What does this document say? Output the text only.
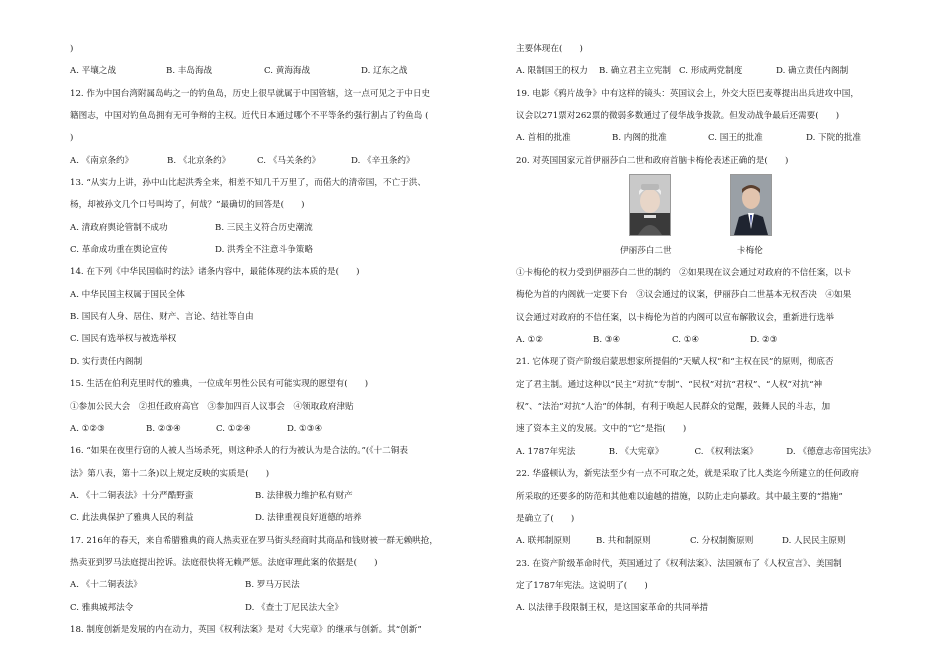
)
A. 平壤之战	B. 丰岛海战	C. 黄海海战	D. 辽东之战
12. 作为中国台湾附属岛屿之一的钓鱼岛，历史上很早就属于中国管辖，这一点可见之于中日史
籍图志，中国对钓鱼岛拥有无可争辩的主权。近代日本通过哪个不平等条约强行割占了钓鱼岛 (
)
A. 《南京条约》	B. 《北京条约》	C. 《马关条约》	D. 《辛丑条约》
13. “从实力上讲，孙中山比起洪秀全来，相差不知几千万里了，而偌大的清帝国，不亡于洪、
杨，却被孙文几个口号叫垮了，何哉？”最确切的回答是(　　)
A. 清政府舆论管制不成功	B. 三民主义符合历史潮流
C. 革命成功重在舆论宣传	D. 洪秀全不注意斗争策略
14. 在下列《中华民国临时约法》诸条内容中，最能体现约法本质的是(　　)
A. 中华民国主权属于国民全体
B. 国民有人身、居住、财产、言论、结社等自由
C. 国民有选举权与被选举权
D. 实行责任内阁制
15. 生活在伯利克里时代的雅典，一位成年男性公民有可能实现的愿望有(　　)
①参加公民大会　②担任政府高官　③参加四百人议事会　④领取政府津贴
A. ①②③	B. ②③④	C. ①②④	D. ①③④
16. “如果在夜里行窃的人被人当场杀死，则这种杀人的行为被认为是合法的。”(《十二铜表
法》第八表，第十二条)以上规定反映的实质是(　　)
A. 《十二铜表法》十分严酷野蛮	B. 法律极力维护私有财产
C. 此法典保护了雅典人民的利益	D. 法律重视良好道德的培养
17. 216年的春天，来自希腊雅典的商人热卖亚在罗马街头经商时其商品和钱财被一群无赖哄抢，
热卖亚到罗马法庭提出控诉。法庭很快将无赖严惩。法庭审理此案的依据是(　　)
A. 《十二铜表法》	B. 罗马万民法
C. 雅典城邦法令	D. 《查士丁尼民法大全》
18. 制度创新是发展的内在动力，英国《权利法案》是对《大宪章》的继承与创新。其“创新”
主要体现在(　　)
A. 限制国王的权力	B. 确立君主立宪制 C. 形成两党制度	D. 确立责任内阁制
19. 电影《鸦片战争》中有这样的镜头：英国议会上，外交大臣巴麦尊提出出兵进攻中国，
议会以271票对262票的微弱多数通过了侵华战争拨款。但发动战争最后还需要(　　)
A. 首相的批准	B. 内阁的批准	C. 国王的批准	D. 下院的批准
20. 对英国国家元首伊丽莎白二世和政府首脑卡梅伦表述正确的是(　　)
伊丽莎白二世	卡梅伦
①卡梅伦的权力受到伊丽莎白二世的制约　②如果现在议会通过对政府的不信任案，以卡
梅伦为首的内阁就一定要下台　③议会通过的议案，伊丽莎白二世基本无权否决　④如果
议会通过对政府的不信任案，以卡梅伦为首的内阁可以宣布解散议会，重新进行选举
A. ①②	B. ③④	C. ①④	D. ②③
21. 它体现了资产阶级启蒙思想家所提倡的“天赋人权”和“主权在民”的原则，彻底否
定了君主制。通过这种以“民主”对抗“专制”、“民权”对抗“君权”、“人权”对抗“神
权”、“法治”对抗“人治”的体制，有利于唤起人民群众的觉醒，鼓舞人民的斗志，加
速了资本主义的发展。文中的“它”是指(　　)
A. 1787年宪法	B. 《大宪章》	C. 《权利法案》	D. 《德意志帝国宪法》
22. 华盛顿认为，新宪法至少有一点不可取之处，就是采取了比人类迄今所建立的任何政府
所采取的还要多的防范和其他难以逾越的措施，以防止走向暴政。其中最主要的“措施”
是确立了(　　)
A. 联邦制原则	B. 共和制原则	C. 分权制衡原则	D. 人民民主原则
23. 在资产阶级革命时代，英国通过了《权利法案》、法国颁布了《人权宣言》、美国制
定了1787年宪法。这说明了(　　)
A. 以法律手段限制王权，是这国家革命的共同举措
